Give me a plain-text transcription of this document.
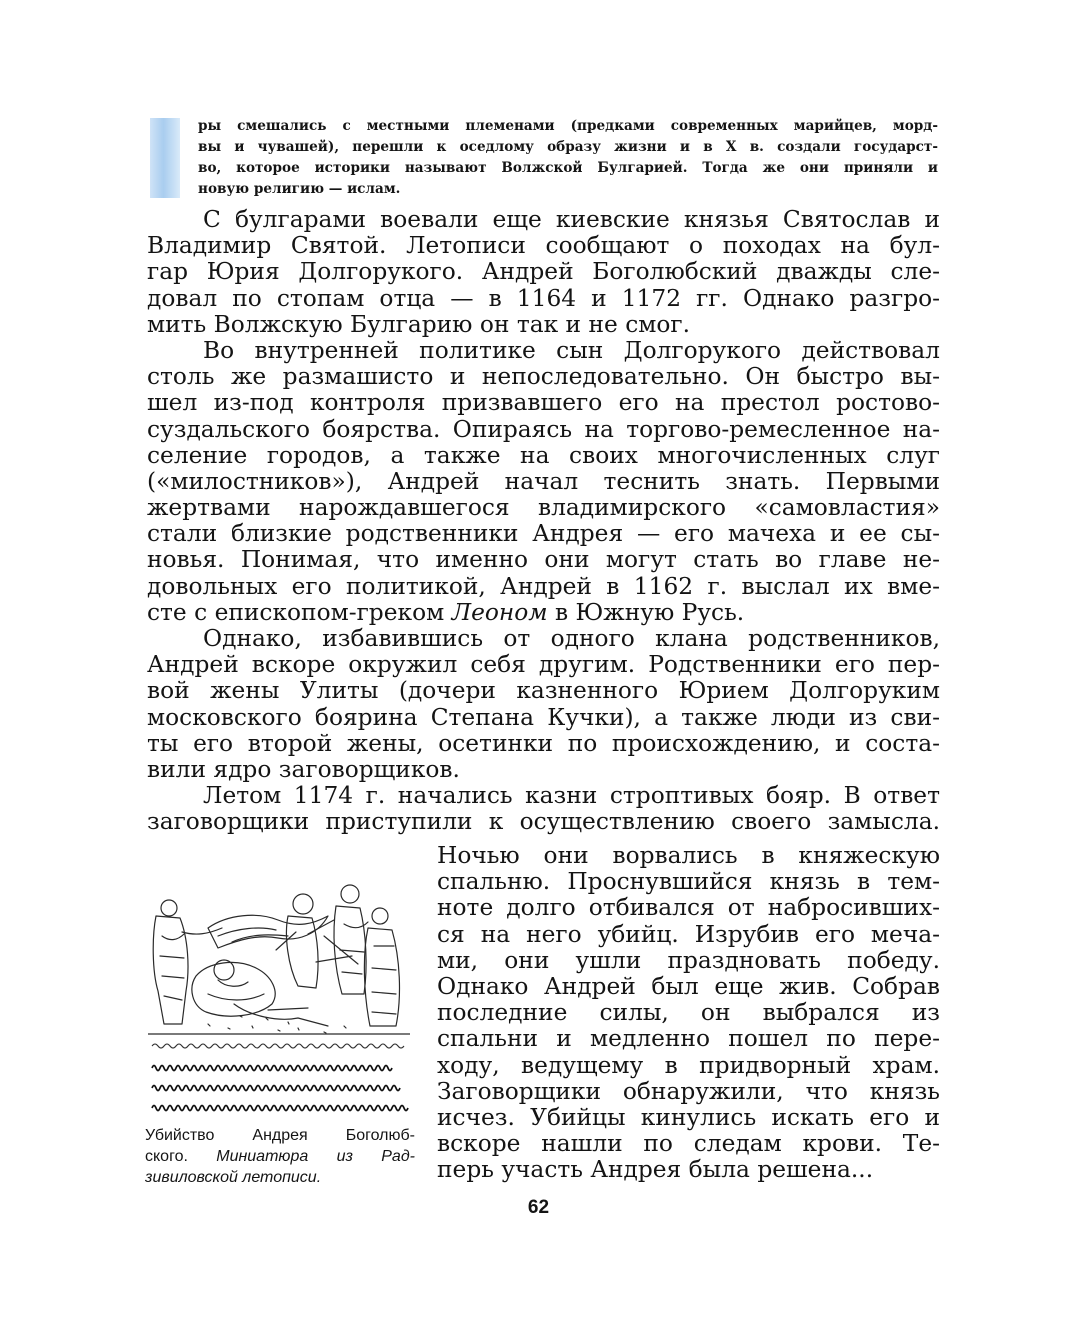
ры смешались с местными племенами (предками современных марийцев, морд-
вы и чувашей), перешли к оседлому образу жизни и в X в. создали государст-
во, которое историки называют Волжской Булгарией. Тогда же они приняли и
новую религию — ислам.
С булгарами воевали еще киевские князья Святослав и
Владимир Святой. Летописи сообщают о походах на бул-
гар Юрия Долгорукого. Андрей Боголюбский дважды сле-
довал по стопам отца — в 1164 и 1172 гг. Однако разгро-
мить Волжскую Булгарию он так и не смог.
Во внутренней политике сын Долгорукого действовал
столь же размашисто и непоследовательно. Он быстро вы-
шел из-под контроля призвавшего его на престол ростово-
суздальского боярства. Опираясь на торгово-ремесленное на-
селение городов, а также на своих многочисленных слуг
(«милостников»), Андрей начал теснить знать. Первыми
жертвами нарождавшегося владимирского «самовластия»
стали близкие родственники Андрея — его мачеха и ее сы-
новья. Понимая, что именно они могут стать во главе не-
довольных его политикой, Андрей в 1162 г. выслал их вме-
сте с епископом-греком Леоном в Южную Русь.
Однако, избавившись от одного клана родственников,
Андрей вскоре окружил себя другим. Родственники его пер-
вой жены Улиты (дочери казненного Юрием Долгоруким
московского боярина Степана Кучки), а также люди из сви-
ты его второй жены, осетинки по происхождению, и соста-
вили ядро заговорщиков.
Летом 1174 г. начались казни строптивых бояр. В ответ
заговорщики приступили к осуществлению своего замысла.
Ночью они ворвались в княжескую
спальню. Проснувшийся князь в тем-
ноте долго отбивался от набросивших-
ся на него убийц. Изрубив его меча-
ми, они ушли праздновать победу.
Однако Андрей был еще жив. Собрав
последние силы, он выбрался из
спальни и медленно пошел по пере-
ходу, ведущему в придворный храм.
Заговорщики обнаружили, что князь
исчез. Убийцы кинулись искать его и
вскоре нашли по следам крови. Те-
перь участь Андрея была решена...
Убийство Андрея Боголюб-
ского. Миниатюра из Рад-
зивиловской летописи.
62
